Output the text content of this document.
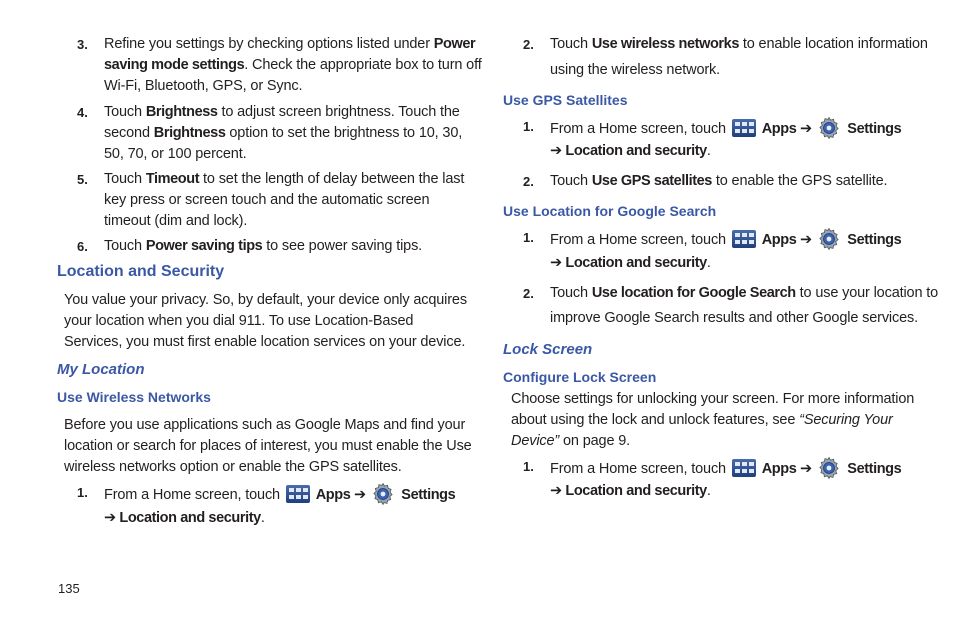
3. Refine you settings by checking options listed under Power
saving mode settings. Check the appropriate box to turn off
Wi-Fi, Bluetooth, GPS, or Sync.
4. Touch Brightness to adjust screen brightness. Touch the
second Brightness option to set the brightness to 10, 30,
50, 70, or 100 percent.
5. Touch Timeout to set the length of delay between the last
key press or screen touch and the automatic screen
timeout (dim and lock).
6. Touch Power saving tips to see power saving tips.
Location and Security
You value your privacy. So, by default, your device only acquires
your location when you dial 911. To use Location-Based
Services, you must first enable location services on your device.
My Location
Use Wireless Networks
Before you use applications such as Google Maps and find your
location or search for places of interest, you must enable the Use
wireless networks option or enable the GPS satellites.
1. From a Home screen, touch
Apps ➔  Settings
➔ Location and security.
2. Touch Use wireless networks to enable location information
using the wireless network.
Use GPS Satellites
1. From a Home screen, touch
Apps ➔  Settings
➔ Location and security.
2. Touch Use GPS satellites to enable the GPS satellite.
Use Location for Google Search
1. From a Home screen, touch
Apps ➔  Settings
➔ Location and security.
2. Touch Use location for Google Search to use your location to
improve Google Search results and other Google services.
Lock Screen
Configure Lock Screen
Choose settings for unlocking your screen. For more information
about using the lock and unlock features, see “Securing Your
Device” on page 9.
1. From a Home screen, touch
Apps ➔  Settings
➔ Location and security.
135
